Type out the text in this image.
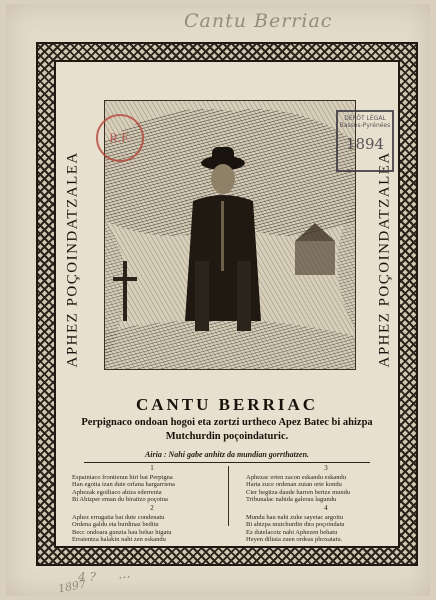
Cantu Berriac
APHEZ POÇOINDATZALEA	APHEZ POÇOINDATZALEA
R.F.
DÉPÔT LÉGAL
Basses-Pyrénées
1894
CANTU BERRIAC
Perpignaco ondoan hogoi eta zortzi urtheco Apez Batec bi ahizpa
Mutchurdin poçoindaturic.
Airia : Nahi gabe anhitz da mundian gorrthatzen.
1
Espainiaco frontieran hiri bat Perpigna
Han egoiia izan dute orfana hargarriena
Aphezak egoiliaco ahiza ederrenia
Bi Ahizper eman du biraitzo poçoina
2
Aphez errugatia bat dute condenatu
Ordena galdu eta burdinaz beditu
Becc ondoara gunzia hau behar higatu
Erraientza halakin nahi zen eskandu
3
Aphezac erten zacon eskandu eskandu
Harta zuce ordenan zutan orte kondu
Cier begitza daude harren bertze mundu
Tribunalac nahida galerau lagundu
4
Mundu hau nahi zuke sayetac argoitu
Bi ahizpa mutchurdin dira poçoindatu
Ez dutelacotz nahi Aphezen behatu
Heyen diltaia zuen ordeas phoxatatu.
4 ? ...
1897
